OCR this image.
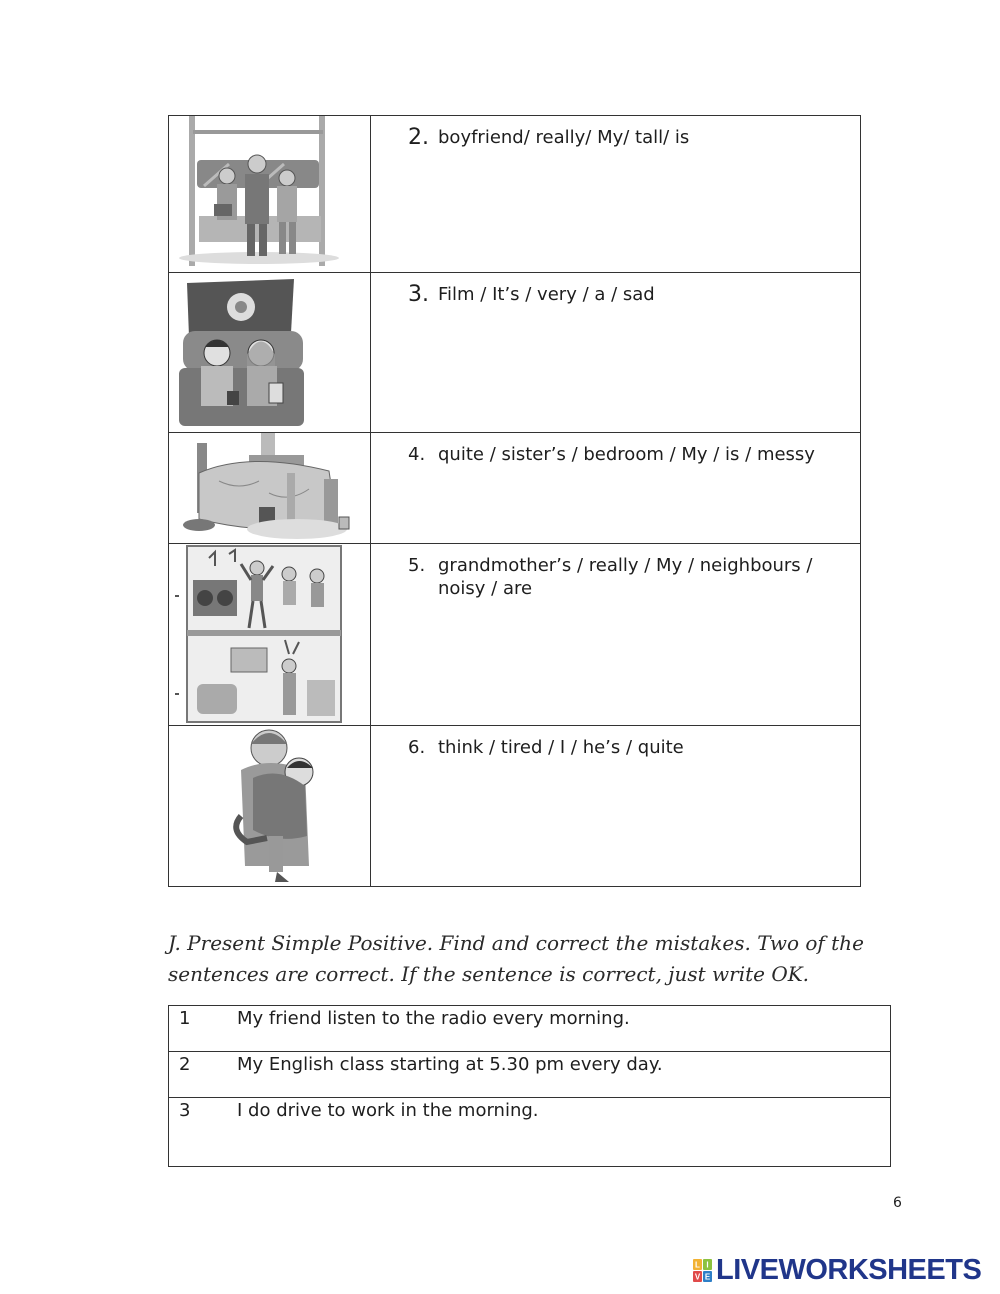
2. boyfriend/ really/ My/ tall/ is

3. Film / It’s / very / a / sad

4. quite / sister’s / bedroom / My / is / messy

5. grandmother’s / really / My / neighbours / noisy / are

6. think / tired / I / he’s / quite
J. Present Simple Positive. Find and correct the mistakes. Two of the sentences are correct. If the sentence is correct, just write OK.
1	My friend listen to the radio every morning.
2	My English class starting at 5.30 pm every day.
3	I do drive to work in the morning.
6
L I
V E LIVEWORKSHEETS
